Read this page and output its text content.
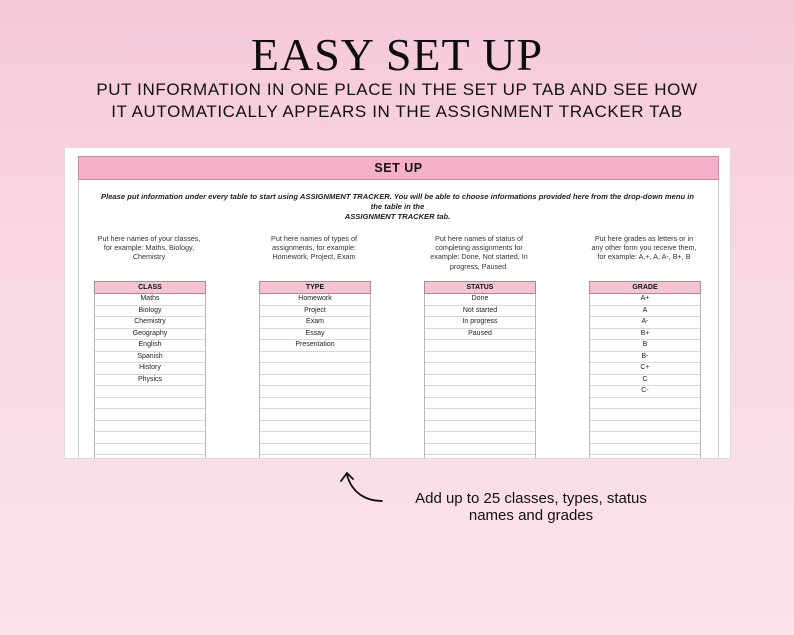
EASY SET UP
PUT INFORMATION IN ONE PLACE IN THE SET UP TAB AND SEE HOW
IT AUTOMATICALLY APPEARS IN THE ASSIGNMENT TRACKER TAB
SET UP
Please put information under every table to start using ASSIGNMENT TRACKER. You will be able to choose informations provided here from the drop-down menu in the table in the
ASSIGNMENT TRACKER tab.
Put here names of your classes,
for example: Maths, Biology,
Chemistry
CLASS
Maths
Biology
Chemistry
Geography
English
Spanish
History
Physics
Put here names of types of
assignments, for example:
Homework, Project, Exam
TYPE
Homework
Project
Exam
Essay
Presentation
Put here names of status of
completing assignments for
example: Done, Not started, In
progress, Paused.
STATUS
Done
Not started
In progress
Paused
Put here grades as letters or in
any other form you receive them,
for example: A,+, A, A-, B+, B
GRADE
A+
A
A-
B+
B
B-
C+
C
C-
Add up to 25 classes, types, status
names and grades
